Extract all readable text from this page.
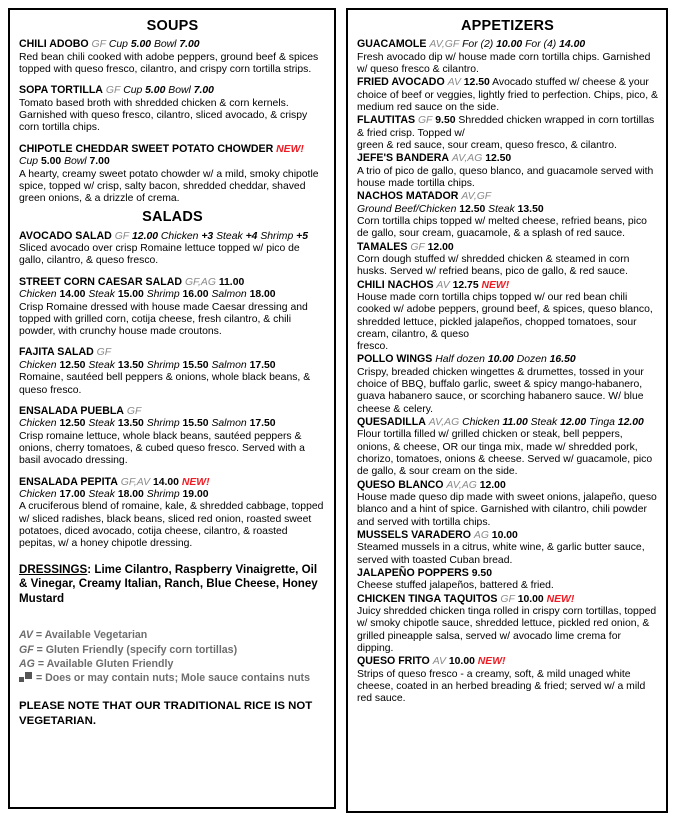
SOUPS

CHILI ADOBO GF Cup 5.00 Bowl 7.00

Red bean chili cooked with adobe peppers, ground beef & spices topped with queso fresco, cilantro, and crispy corn tortilla strips.

SOPA TORTILLA GF Cup 5.00 Bowl 7.00

Tomato based broth with shredded chicken & corn kernels. Garnished with queso fresco, cilantro, sliced avocado, & crispy corn tortilla chips.

CHIPOTLE CHEDDAR SWEET POTATO CHOWDER NEW!

Cup 5.00 Bowl 7.00

A hearty, creamy sweet potato chowder w/ a mild, smoky chipotle spice, topped w/ crisp, salty bacon, shredded cheddar, shaved green onions, & a drizzle of crema.

SALADS

AVOCADO SALAD GF 12.00 Chicken +3 Steak +4 Shrimp +5

Sliced avocado over crisp Romaine lettuce topped w/ pico de gallo, cilantro, & queso fresco.

STREET CORN CAESAR SALAD GF,AG 11.00

Chicken 14.00 Steak 15.00 Shrimp 16.00 Salmon 18.00

Crisp Romaine dressed with house made Caesar dressing and topped with grilled corn, cotija cheese, fresh cilantro, & chili powder, with crunchy house made croutons.

FAJITA SALAD GF

Chicken 12.50 Steak 13.50 Shrimp 15.50 Salmon 17.50

Romaine, sautéed bell peppers & onions, whole black beans, & queso fresco.

ENSALADA PUEBLA GF

Chicken 12.50 Steak 13.50 Shrimp 15.50 Salmon 17.50

Crisp romaine lettuce, whole black beans, sautéed peppers & onions, cherry tomatoes, & cubed queso fresco. Served with a basil avocado dressing.

ENSALADA PEPITA GF,AV 14.00 NEW!

Chicken 17.00 Steak 18.00 Shrimp 19.00

A cruciferous blend of romaine, kale, & shredded cabbage, topped w/ sliced radishes, black beans, sliced red onion, roasted sweet potatoes, diced avocado, cotija cheese, cilantro, & roasted pepitas, w/ a honey chipotle dressing.

DRESSINGS: Lime Cilantro, Raspberry Vinaigrette, Oil & Vinegar, Creamy Italian, Ranch, Blue Cheese, Honey Mustard

AV = Available Vegetarian

GF = Gluten Friendly (specify corn tortillas)

AG = Available Gluten Friendly

= Does or may contain nuts; Mole sauce contains nuts

PLEASE NOTE THAT OUR TRADITIONAL RICE IS NOT VEGETARIAN.

APPETIZERS

GUACAMOLE AV,GF For (2) 10.00 For (4) 14.00

Fresh avocado dip w/ house made corn tortilla chips. Garnished w/ queso fresco & cilantro.

FRIED AVOCADO AV 12.50 Avocado stuffed w/ cheese & your choice of beef or veggies, lightly fried to perfection. Chips, pico, & medium red sauce on the side.

FLAUTITAS GF 9.50 Shredded chicken wrapped in corn tortillas & fried crisp. Topped w/

green & red sauce, sour cream, queso fresco, & cilantro.

JEFE'S BANDERA AV,AG 12.50

A trio of pico de gallo, queso blanco, and guacamole served with house made tortilla chips.

NACHOS MATADOR AV,GF

Ground Beef/Chicken 12.50 Steak 13.50

Corn tortilla chips topped w/ melted cheese, refried beans, pico de gallo, sour cream, guacamole, & a splash of red sauce.

TAMALES GF 12.00

Corn dough stuffed w/ shredded chicken & steamed in corn husks. Served w/ refried beans, pico de gallo, & red sauce.

CHILI NACHOS AV 12.75 NEW!

House made corn tortilla chips topped w/ our red bean chili cooked w/ adobe peppers, ground beef, & spices, queso blanco, shredded lettuce, pickled jalapeños, chopped tomatoes, sour cream, cilantro, & queso

fresco.

POLLO WINGS Half dozen 10.00 Dozen 16.50

Crispy, breaded chicken wingettes & drumettes, tossed in your choice of BBQ, buffalo garlic, sweet & spicy mango-habanero, guava habanero sauce, or scorching habanero sauce. W/ blue cheese & celery.

QUESADILLA AV,AG Chicken 11.00 Steak 12.00 Tinga 12.00

Flour tortilla filled w/ grilled chicken or steak, bell peppers, onions, & cheese, OR our tinga mix, made w/ shredded pork, chorizo, tomatoes, onions & cheese. Served w/ guacamole, pico de gallo, & sour cream on the side.

QUESO BLANCO AV,AG 12.00

House made queso dip made with sweet onions, jalapeño, queso blanco and a hint of spice. Garnished with cilantro, chili powder and served with tortilla chips.

MUSSELS VARADERO AG 10.00

Steamed mussels in a citrus, white wine, & garlic butter sauce, served with toasted Cuban bread.

JALAPEÑO POPPERS 9.50

Cheese stuffed jalapeños, battered & fried.

CHICKEN TINGA TAQUITOS GF 10.00 NEW!

Juicy shredded chicken tinga rolled in crispy corn tortillas, topped w/ smoky chipotle sauce, shredded lettuce, pickled red onion, & grilled pineapple salsa, served w/ avocado lime crema for dipping.

QUESO FRITO AV 10.00 NEW!

Strips of queso fresco - a creamy, soft, & mild unaged white cheese, coated in an herbed breading & fried; served w/ a mild red sauce.
